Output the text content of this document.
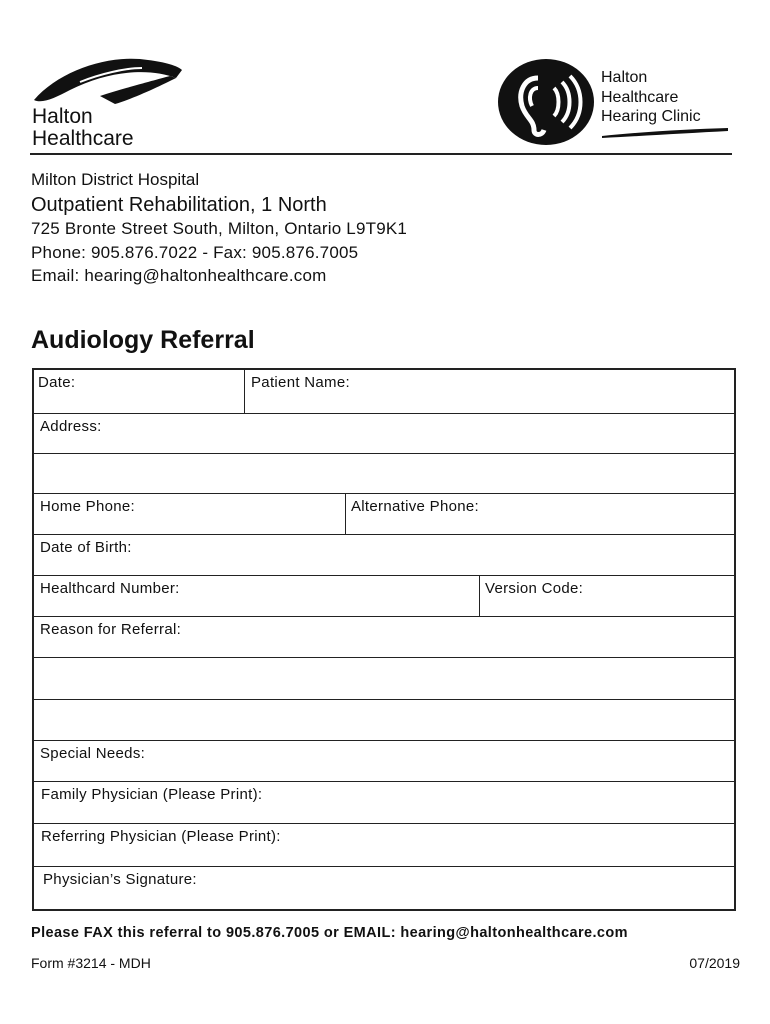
Halton
Healthcare
Halton
Healthcare
Hearing Clinic
Milton District Hospital
Outpatient Rehabilitation, 1 North
725 Bronte Street South, Milton, Ontario L9T9K1
Phone: 905.876.7022 - Fax: 905.876.7005
Email: hearing@haltonhealthcare.com
Audiology Referral
Date:	Patient Name:
Address:
Home Phone:	Alternative Phone:
Date of Birth:
Healthcard Number:	Version Code:
Reason for Referral:
Special Needs:
Family Physician (Please Print):
Referring Physician (Please Print):
Physician’s Signature:
Please FAX this referral to 905.876.7005 or EMAIL: hearing@haltonhealthcare.com
Form #3214 - MDH	07/2019
